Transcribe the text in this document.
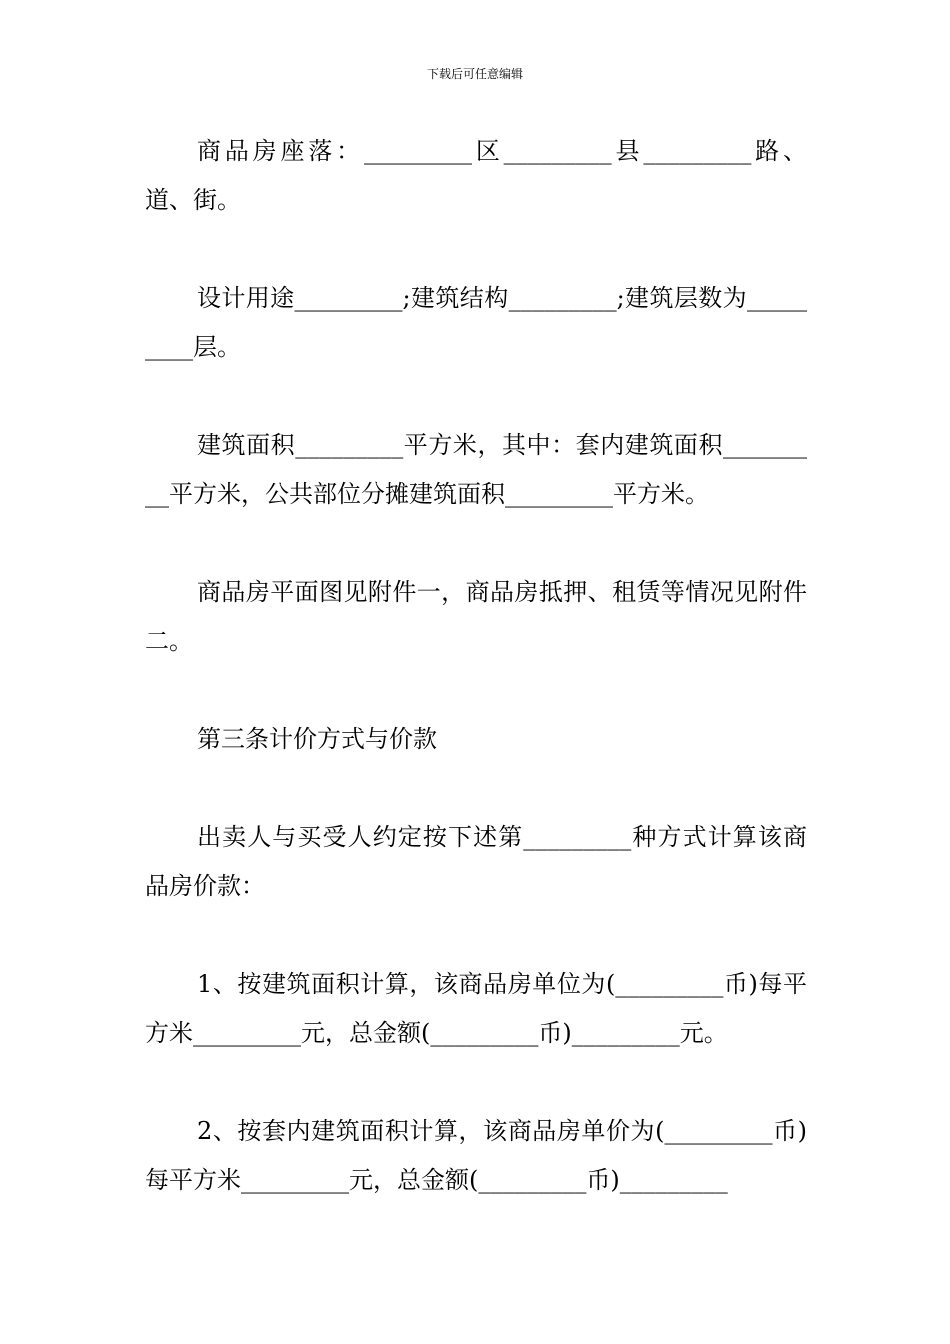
下载后可任意编辑

商品房座落：_________区_________县_________路、道、街。

设计用途_________;建筑结构_________;建筑层数为_________层。

建筑面积_________平方米，其中：套内建筑面积_________平方米，公共部位分摊建筑面积_________平方米。

商品房平面图见附件一，商品房抵押、租赁等情况见附件二。

第三条计价方式与价款

出卖人与买受人约定按下述第_________种方式计算该商品房价款：

1、按建筑面积计算，该商品房单位为(_________币)每平方米_________元，总金额(_________币)_________元。

2、按套内建筑面积计算，该商品房单价为(_________币)每平方米_________元，总金额(_________币)_________
